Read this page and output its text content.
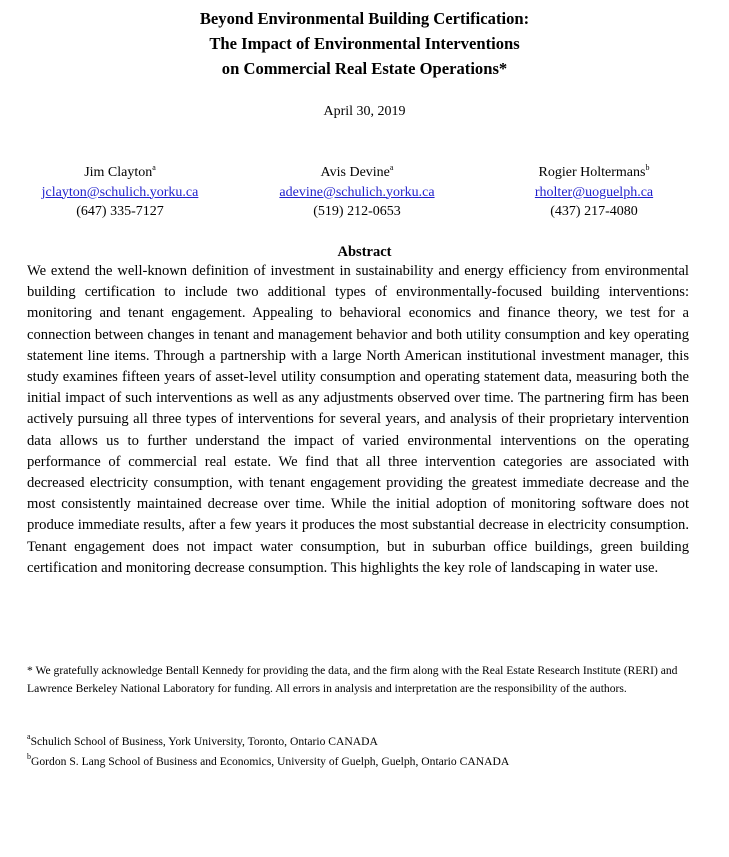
Beyond Environmental Building Certification:
The Impact of Environmental Interventions
on Commercial Real Estate Operations*
April 30, 2019
Jim Clayton$^a$
jclayton@schulich.yorku.ca
(647) 335-7127
Avis Devine$^a$
adevine@schulich.yorku.ca
(519) 212-0653
Rogier Holtermans$^b$
rholter@uoguelph.ca
(437) 217-4080
Abstract
We extend the well-known definition of investment in sustainability and energy efficiency from environmental building certification to include two additional types of environmentally-focused building interventions: monitoring and tenant engagement. Appealing to behavioral economics and finance theory, we test for a connection between changes in tenant and management behavior and both utility consumption and key operating statement line items. Through a partnership with a large North American institutional investment manager, this study examines fifteen years of asset-level utility consumption and operating statement data, measuring both the initial impact of such interventions as well as any adjustments observed over time. The partnering firm has been actively pursuing all three types of interventions for several years, and analysis of their proprietary intervention data allows us to further understand the impact of varied environmental interventions on the operating performance of commercial real estate. We find that all three intervention categories are associated with decreased electricity consumption, with tenant engagement providing the greatest immediate decrease and the most consistently maintained decrease over time. While the initial adoption of monitoring software does not produce immediate results, after a few years it produces the most substantial decrease in electricity consumption. Tenant engagement does not impact water consumption, but in suburban office buildings, green building certification and monitoring decrease consumption. This highlights the key role of landscaping in water use.
* We gratefully acknowledge Bentall Kennedy for providing the data, and the firm along with the Real Estate Research Institute (RERI) and Lawrence Berkeley National Laboratory for funding. All errors in analysis and interpretation are the responsibility of the authors.
$^a$Schulich School of Business, York University, Toronto, Ontario CANADA
$^b$Gordon S. Lang School of Business and Economics, University of Guelph, Guelph, Ontario CANADA
